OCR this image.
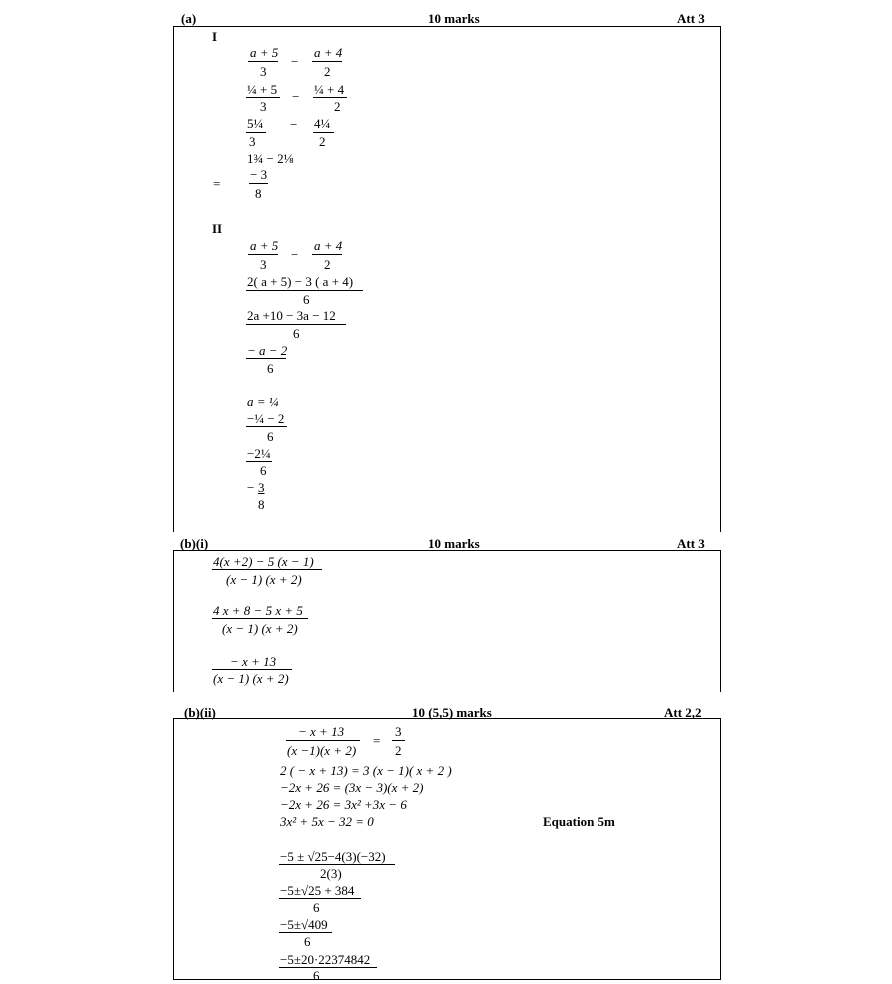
(a)	10 marks	Att 3
I
a + 5
3
−
a + 4
2
¼ + 5
3
− ¼ + 4
2
5¼
3
− 4¼
2
1¾ − 2⅛
=
− 3
8
II
a + 5
3
−
a + 4
2
2( a + 5) − 3 ( a + 4)
6
2a +10 − 3a − 12
6
− a − 2
6
a = ¼
−¼ − 2
6
−2¼
6
− 3
8
(b)(i)	10 marks	Att 3
4(x +2) − 5 (x − 1)
(x − 1) (x + 2)
4 x + 8 − 5 x + 5
(x − 1) (x + 2)
− x + 13
(x − 1) (x + 2)
(b)(ii)	10 (5,5) marks	Att 2,2
− x + 13
(x −1)(x + 2)
=
3
2
2 ( − x + 13) = 3 (x − 1)( x + 2 )
−2x + 26 = (3x − 3)(x + 2)
−2x + 26 = 3x² +3x − 6
3x² + 5x − 32 = 0	Equation 5m
−5 ± √25−4(3)(−32)
2(3)
−5±√25 + 384
6
−5±√409
6
−5±20·22374842
6
